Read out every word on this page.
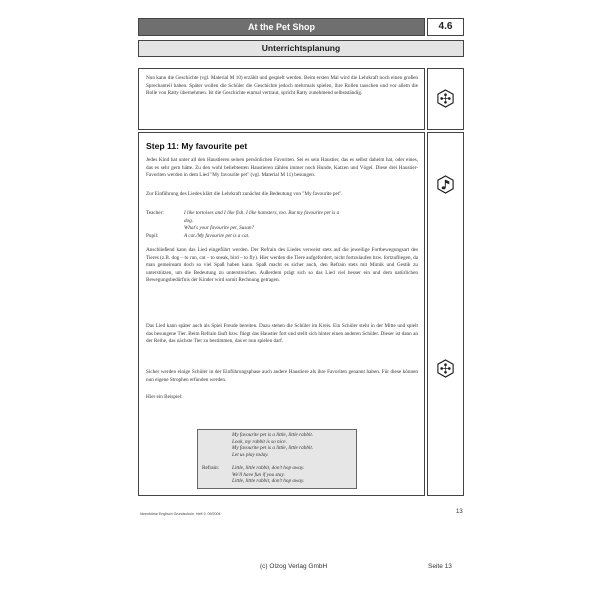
At the Pet Shop	4.6
Unterrichtsplanung
Nun kann die Geschichte (vgl. Material M 10) erzählt und gespielt werden. Beim ersten Mal wird die Lehrkraft noch einen großen Sprechanteil haben. Später wollen die Schüler die Geschichte jedoch mehrmals spielen, ihre Rollen tauschen und vor allem die Rolle von Ratty übernehmen. Ist die Geschichte einmal vertraut, spricht Ratty zunehmend selbstständig.
Step 11: My favourite pet
Jedes Kind hat unter all den Haustieren seinen persönlichen Favoriten. Sei es sein Haustier, das es selbst daheim hat, oder eines, das es sehr gern hätte. Zu den wohl beliebtesten Haustieren zählen immer noch Hunde, Katzen und Vögel. Diese drei Haustier-Favoriten werden in dem Lied "My favourite pet" (vgl. Material M 11) besungen.
Zur Einführung des Liedes klärt die Lehrkraft zunächst die Bedeutung von "My favourite pet".
Teacher:	I like tortoises and I like fish. I like hamsters, too. But my favourite pet is a
dog.
What's your favourite pet, Susan?
Pupil:	A cat./My favourite pet is a cat.
Anschließend kann das Lied eingeführt werden. Der Refrain des Liedes verweist stets auf die jeweilige Fortbewegungsart des Tieres (z.B. dog – to run, cat – to sneak, bird – to fly). Hier werden die Tiere aufgefordert, nicht fortzulaufen bzw. fortzufliegen, da man gemeinsam doch so viel Spaß haben kann. Spaß macht es sicher auch, den Refrain stets mit Mimik und Gestik zu unterstützen, um die Bedeutung zu unterstreichen. Außerdem prägt sich so das Lied viel besser ein und dem natürlichen Bewegungsbedürfnis der Kinder wird somit Rechnung getragen.
Das Lied kann später auch als Spiel Freude bereiten. Dazu stehen die Schüler im Kreis. Ein Schüler steht in der Mitte und spielt das besungene Tier. Beim Refrain läuft bzw. fliegt das Haustier fort und stellt sich hinter einen anderen Schüler. Dieser ist dann an der Reihe, das nächste Tier zu bestimmen, das er nun spielen darf.
Sicher werden einige Schüler in der Einführungsphase auch andere Haustiere als ihre Favoriten genannt haben. Für diese können nun eigene Strophen erfunden werden.
Hier ein Beispiel:
My favourite pet is a little, little rabbit.
Look, my rabbit is so nice.
My favourite pet is a little, little rabbit.
Let us play today.
Refrain:	Little, little rabbit, don't hop away.
We'll have fun if you stay.
Little, little rabbit, don't hop away.
Ideenbörse Englisch Grundschule, Heft 9, 09/2004	13
(c) Olzog Verlag GmbH	Seite 13
